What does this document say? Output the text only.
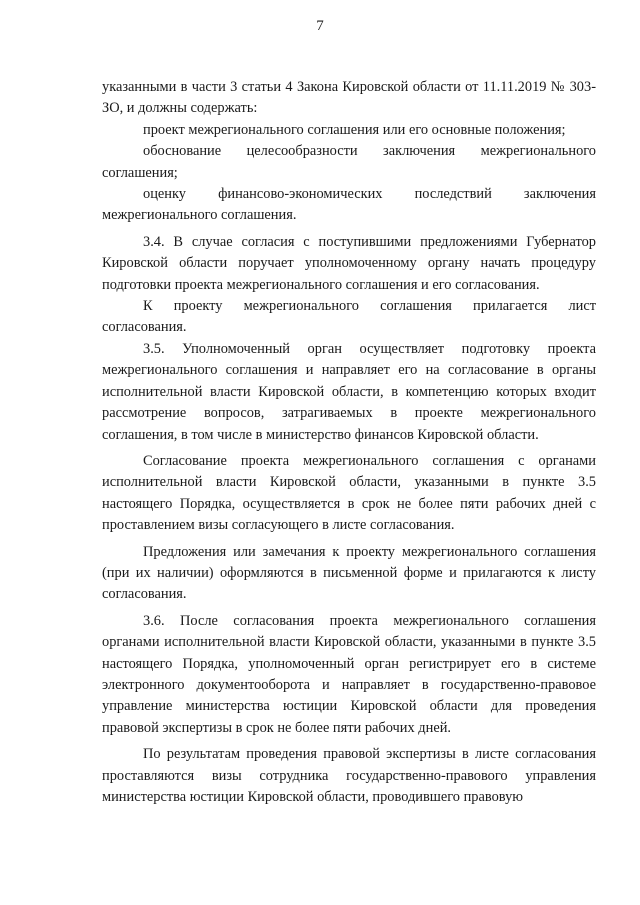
7

указанными в части 3 статьи 4 Закона Кировской области от 11.11.2019 № 303-ЗО, и должны содержать:

проект межрегионального соглашения или его основные положения;

обоснование целесообразности заключения межрегионального соглашения;

оценку финансово-экономических последствий заключения межрегионального соглашения.

3.4. В случае согласия с поступившими предложениями Губернатор Кировской области поручает уполномоченному органу начать процедуру подготовки проекта межрегионального соглашения и его согласования.

К проекту межрегионального соглашения прилагается лист согласования.

3.5. Уполномоченный орган осуществляет подготовку проекта межрегионального соглашения и направляет его на согласование в органы исполнительной власти Кировской области, в компетенцию которых входит рассмотрение вопросов, затрагиваемых в проекте межрегионального соглашения, в том числе в министерство финансов Кировской области.

Согласование проекта межрегионального соглашения с органами исполнительной власти Кировской области, указанными в пункте 3.5 настоящего Порядка, осуществляется в срок не более пяти рабочих дней с проставлением визы согласующего в листе согласования.

Предложения или замечания к проекту межрегионального соглашения (при их наличии) оформляются в письменной форме и прилагаются к листу согласования.

3.6. После согласования проекта межрегионального соглашения органами исполнительной власти Кировской области, указанными в пункте 3.5 настоящего Порядка, уполномоченный орган регистрирует его в системе электронного документооборота и направляет в государственно-правовое управление министерства юстиции Кировской области для проведения правовой экспертизы в срок не более пяти рабочих дней.

По результатам проведения правовой экспертизы в листе согласования проставляются визы сотрудника государственно-правового управления министерства юстиции Кировской области, проводившего правовую
